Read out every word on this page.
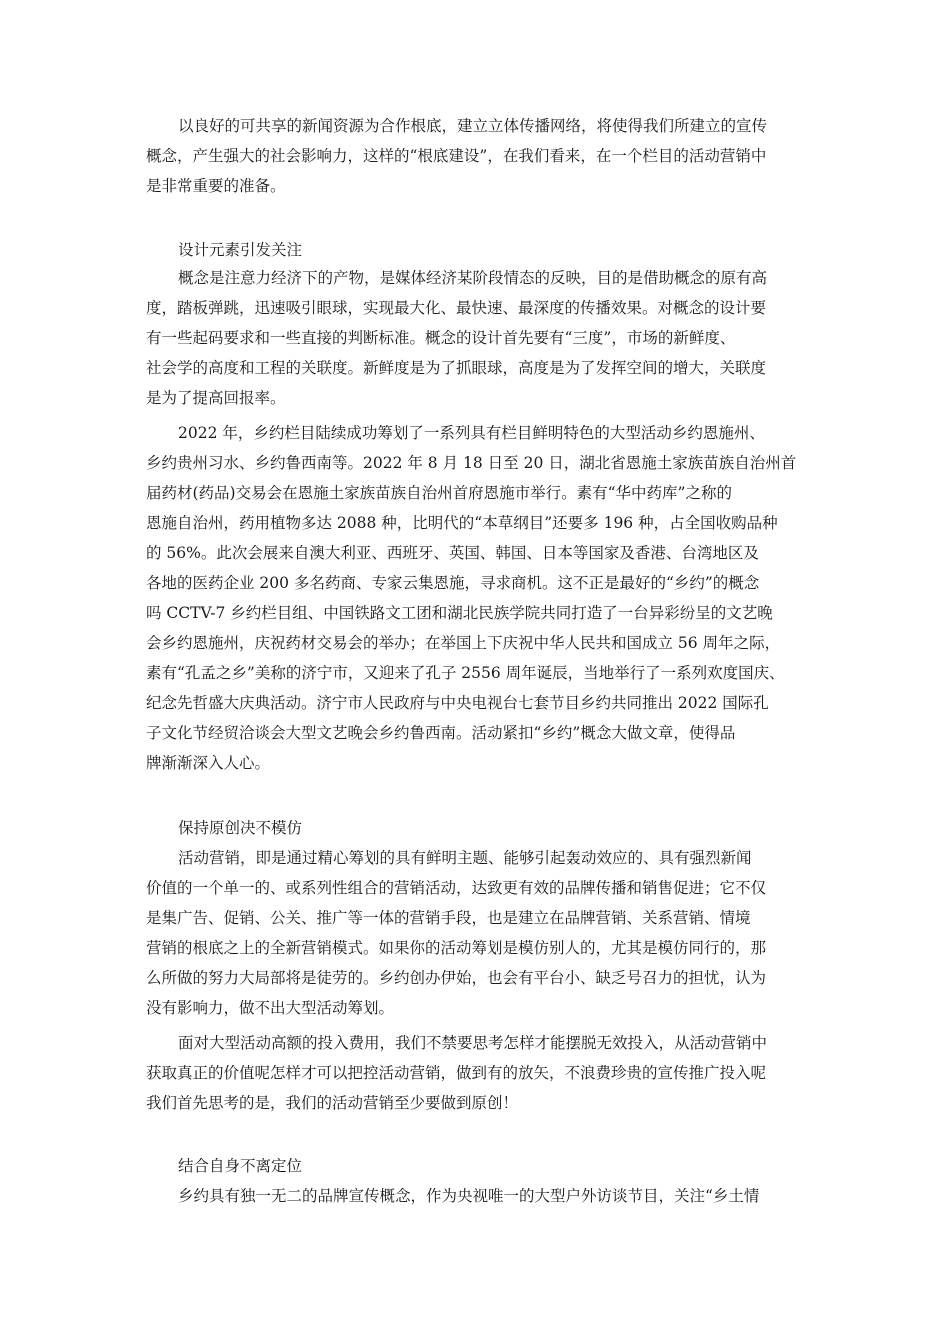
以良好的可共享的新闻资源为合作根底，建立立体传播网络，将使得我们所建立的宣传
概念，产生强大的社会影响力，这样的“根底建设”，在我们看来，在一个栏目的活动营销中
是非常重要的准备。
设计元素引发关注
概念是注意力经济下的产物，是媒体经济某阶段情态的反映，目的是借助概念的原有高
度，踏板弹跳，迅速吸引眼球，实现最大化、最快速、最深度的传播效果。对概念的设计要
有一些起码要求和一些直接的判断标准。概念的设计首先要有“三度”，市场的新鲜度、
社会学的高度和工程的关联度。新鲜度是为了抓眼球，高度是为了发挥空间的增大，关联度
是为了提高回报率。
2022 年，乡约栏目陆续成功筹划了一系列具有栏目鲜明特色的大型活动乡约恩施州、
乡约贵州习水、乡约鲁西南等。2022 年 8 月 18 日至 20 日，湖北省恩施土家族苗族自治州首
届药材(药品)交易会在恩施土家族苗族自治州首府恩施市举行。素有“华中药库”之称的
恩施自治州，药用植物多达 2088 种，比明代的“本草纲目”还要多 196 种，占全国收购品种
的 56%。此次会展来自澳大利亚、西班牙、英国、韩国、日本等国家及香港、台湾地区及
各地的医药企业 200 多名药商、专家云集恩施，寻求商机。这不正是最好的“乡约”的概念
吗 CCTV-7 乡约栏目组、中国铁路文工团和湖北民族学院共同打造了一台异彩纷呈的文艺晚
会乡约恩施州，庆祝药材交易会的举办；在举国上下庆祝中华人民共和国成立 56 周年之际，
素有“孔孟之乡”美称的济宁市，又迎来了孔子 2556 周年诞辰，当地举行了一系列欢度国庆、
纪念先哲盛大庆典活动。济宁市人民政府与中央电视台七套节目乡约共同推出 2022 国际孔
子文化节经贸洽谈会大型文艺晚会乡约鲁西南。活动紧扣“乡约”概念大做文章，使得品
牌渐渐深入人心。
保持原创决不模仿
活动营销，即是通过精心筹划的具有鲜明主题、能够引起轰动效应的、具有强烈新闻
价值的一个单一的、或系列性组合的营销活动，达致更有效的品牌传播和销售促进；它不仅
是集广告、促销、公关、推广等一体的营销手段，也是建立在品牌营销、关系营销、情境
营销的根底之上的全新营销模式。如果你的活动筹划是模仿别人的，尤其是模仿同行的，那
么所做的努力大局部将是徒劳的。乡约创办伊始，也会有平台小、缺乏号召力的担忧，认为
没有影响力，做不出大型活动筹划。
面对大型活动高额的投入费用，我们不禁要思考怎样才能摆脱无效投入，从活动营销中
获取真正的价值呢怎样才可以把控活动营销，做到有的放矢，不浪费珍贵的宣传推广投入呢
我们首先思考的是，我们的活动营销至少要做到原创！
结合自身不离定位
乡约具有独一无二的品牌宣传概念，作为央视唯一的大型户外访谈节目，关注“乡土情
